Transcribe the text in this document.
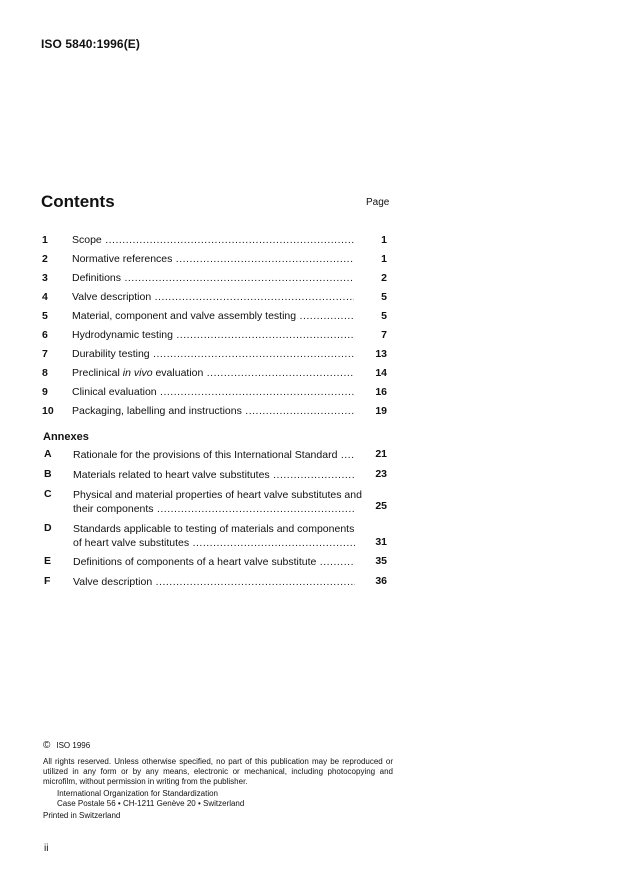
ISO 5840:1996(E)
Contents	Page
1	Scope .....	1
2	Normative references .....	1
3	Definitions .....	2
4	Valve description .....	5
5	Material, component and valve assembly testing .....	5
6	Hydrodynamic testing .....	7
7	Durability testing .....	13
8	Preclinical in vivo evaluation .....	14
9	Clinical evaluation .....	16
10	Packaging, labelling and instructions .....	19
Annexes
A	Rationale for the provisions of this International Standard .....	21
B	Materials related to heart valve substitutes .....	23
C	Physical and material properties of heart valve substitutes and
their components .....	25
D	Standards applicable to testing of materials and components
of heart valve substitutes .....	31
E	Definitions of components of a heart valve substitute .....	35
F	Valve description .....	36
© ISO 1996
All rights reserved. Unless otherwise specified, no part of this publication may be reproduced or utilized in any form or by any means, electronic or mechanical, including photocopying and microfilm, without permission in writing from the publisher.
International Organization for Standardization
Case Postale 56 • CH-1211 Genève 20 • Switzerland
Printed in Switzerland
ii
